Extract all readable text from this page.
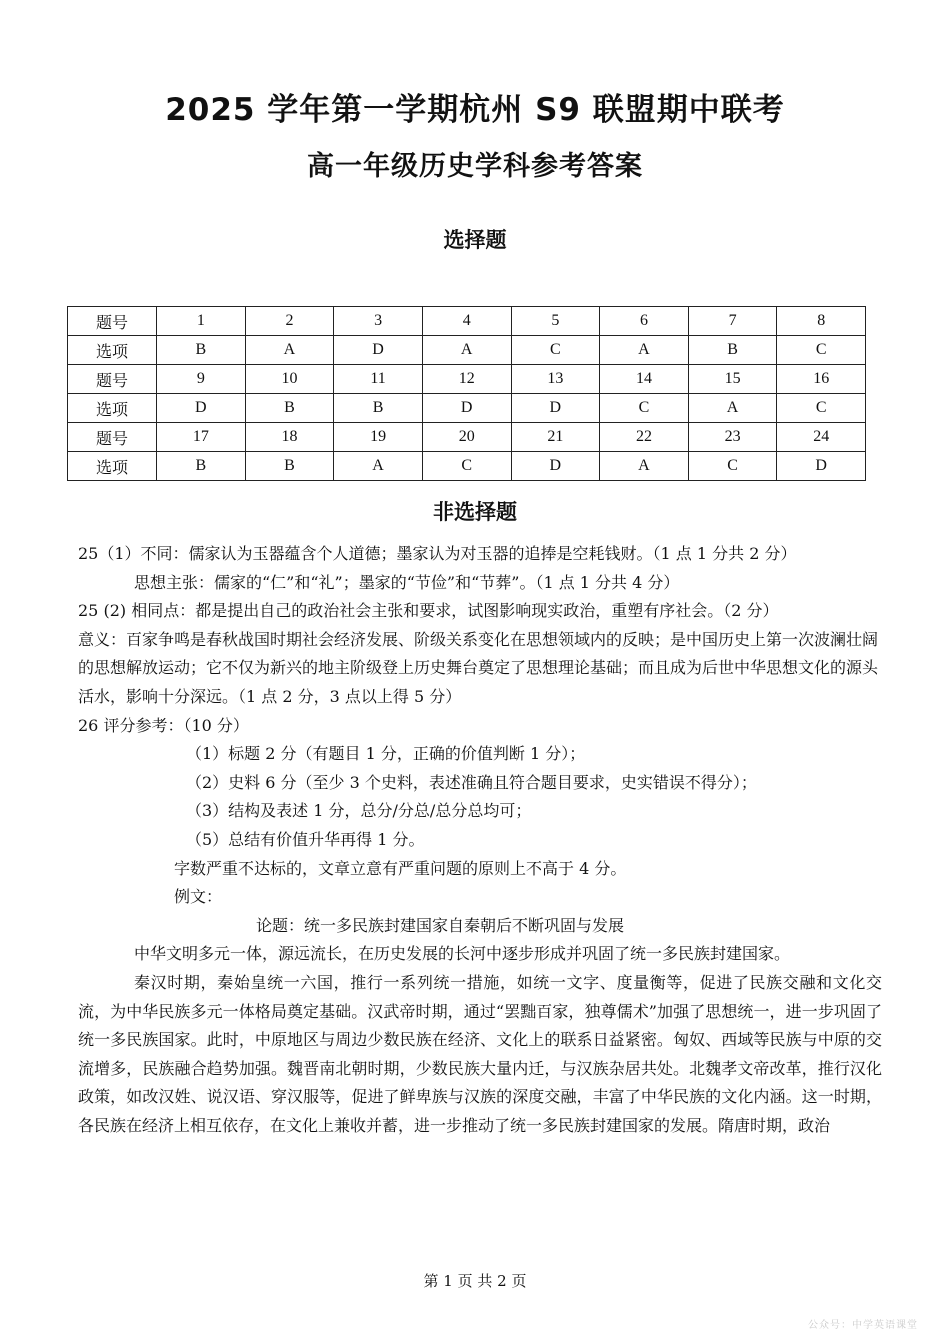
2025 学年第一学期杭州 S9 联盟期中联考
高一年级历史学科参考答案
选择题
题号	1	2	3	4	5	6	7	8
选项	B	A	D	A	C	A	B	C
题号	9	10	11	12	13	14	15	16
选项	D	B	B	D	D	C	A	C
题号	17	18	19	20	21	22	23	24
选项	B	B	A	C	D	A	C	D
非选择题

25（1）不同：儒家认为玉器蕴含个人道德；墨家认为对玉器的追捧是空耗钱财。（1 点 1 分共 2 分）

思想主张：儒家的“仁”和“礼”；墨家的“节俭”和“节葬”。（1 点 1 分共 4 分）

25 (2) 相同点：都是提出自己的政治社会主张和要求，试图影响现实政治，重塑有序社会。（2 分）

意义：百家争鸣是春秋战国时期社会经济发展、阶级关系变化在思想领域内的反映；是中国历史上第一次波澜壮阔的思想解放运动；它不仅为新兴的地主阶级登上历史舞台奠定了思想理论基础；而且成为后世中华思想文化的源头活水，影响十分深远。（1 点 2 分，3 点以上得 5 分）

26 评分参考：（10 分）

（1）标题 2 分（有题目 1 分，正确的价值判断 1 分）；

（2）史料 6 分（至少 3 个史料，表述准确且符合题目要求，史实错误不得分）；

（3）结构及表述 1 分，总分/分总/总分总均可；

（5）总结有价值升华再得 1 分。

字数严重不达标的，文章立意有严重问题的原则上不高于 4 分。

例文：

论题：统一多民族封建国家自秦朝后不断巩固与发展

中华文明多元一体，源远流长，在历史发展的长河中逐步形成并巩固了统一多民族封建国家。

秦汉时期，秦始皇统一六国，推行一系列统一措施，如统一文字、度量衡等，促进了民族交融和文化交流，为中华民族多元一体格局奠定基础。汉武帝时期，通过“罢黜百家，独尊儒术”加强了思想统一，进一步巩固了统一多民族国家。此时，中原地区与周边少数民族在经济、文化上的联系日益紧密。匈奴、西域等民族与中原的交流增多，民族融合趋势加强。魏晋南北朝时期，少数民族大量内迁，与汉族杂居共处。北魏孝文帝改革，推行汉化政策，如改汉姓、说汉语、穿汉服等，促进了鲜卑族与汉族的深度交融，丰富了中华民族的文化内涵。这一时期，各民族在经济上相互依存，在文化上兼收并蓄，进一步推动了统一多民族封建国家的发展。隋唐时期，政治

第 1 页 共 2 页
公众号：中学英语课堂
